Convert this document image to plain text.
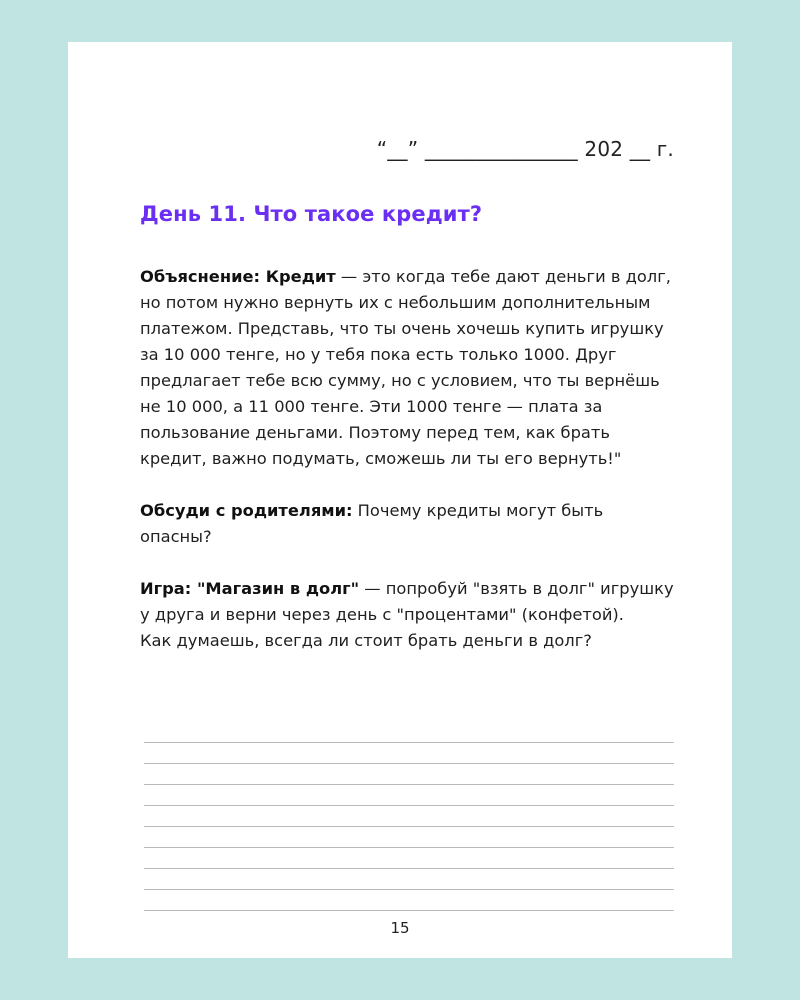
“__” _______________ 202 __ г.
День 11. Что такое кредит?

Объяснение: Кредит — это когда тебе дают деньги в долг, но потом нужно вернуть их с небольшим дополнительным платежом. Представь, что ты очень хочешь купить игрушку за 10 000 тенге, но у тебя пока есть только 1000. Друг предлагает тебе всю сумму, но с условием, что ты вернёшь не 10 000, а 11 000 тенге. Эти 1000 тенге — плата за пользование деньгами. Поэтому перед тем, как брать кредит, важно подумать, сможешь ли ты его вернуть!"

Обсуди с родителями: Почему кредиты могут быть опасны?

Игра: "Магазин в долг" — попробуй "взять в долг" игрушку у друга и верни через день с "процентами" (конфетой).
Как думаешь, всегда ли стоит брать деньги в долг?

15
